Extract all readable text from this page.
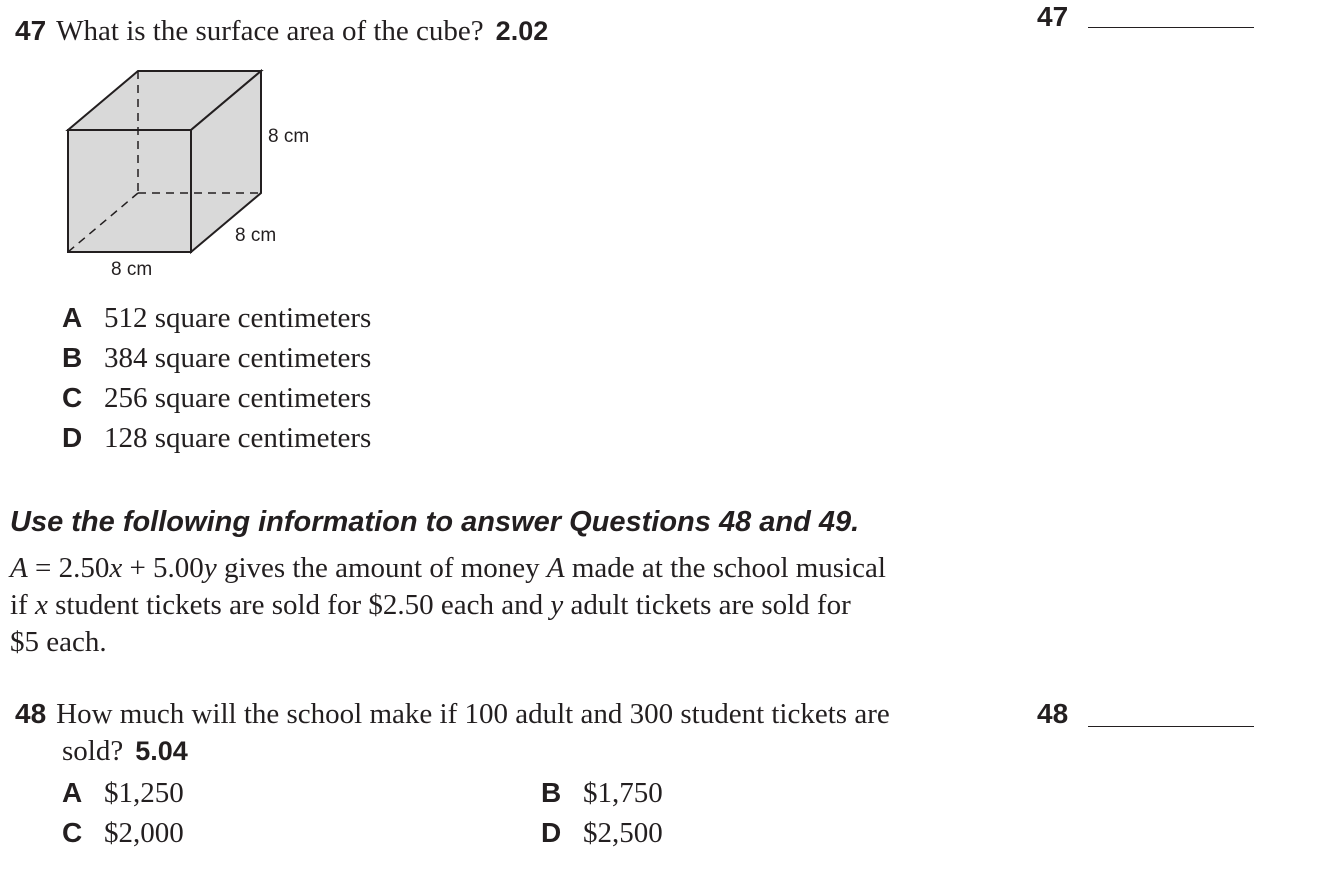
47 What is the surface area of the cube? 2.02	47
8 cm
8 cm
8 cm
A 512 square centimeters
B 384 square centimeters
C 256 square centimeters
D 128 square centimeters
Use the following information to answer Questions 48 and 49.
A = 2.50x + 5.00y gives the amount of money A made at the school musical
if x student tickets are sold for $2.50 each and y adult tickets are sold for
$5 each.
48 How much will the school make if 100 adult and 300 student tickets are
sold? 5.04
48
A $1,250	B $1,750
C $2,000	D $2,500
